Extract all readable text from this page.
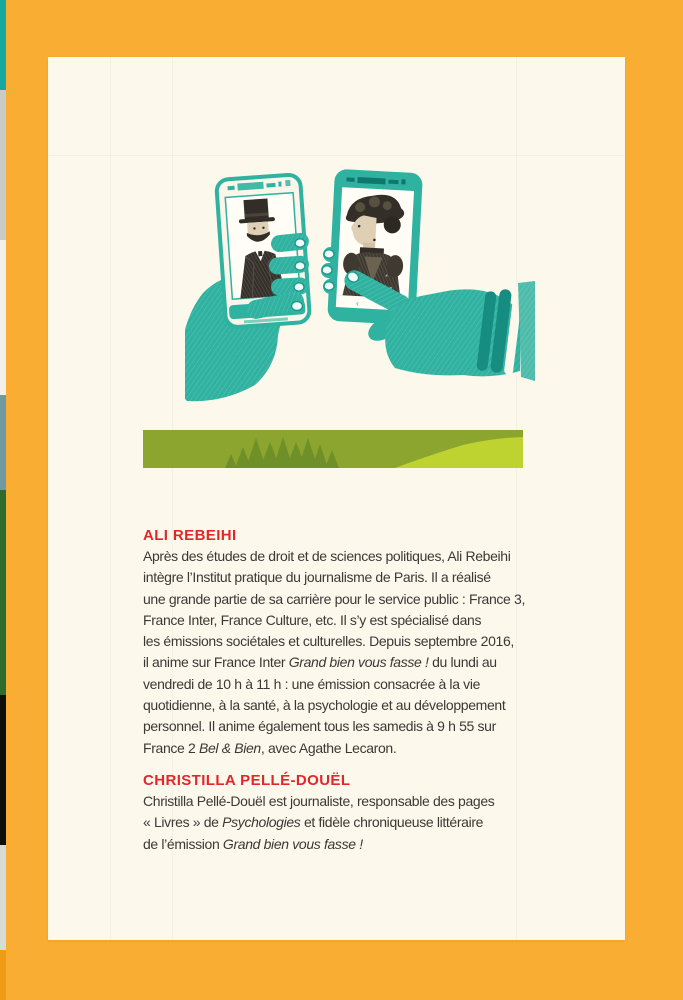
‹
ALI REBEIHI
Après des études de droit et de sciences politiques, Ali Rebeihi
intègre l’Institut pratique du journalisme de Paris. Il a réalisé
une grande partie de sa carrière pour le service public : France 3,
France Inter, France Culture, etc. Il s’y est spécialisé dans
les émissions sociétales et culturelles. Depuis septembre 2016,
il anime sur France Inter Grand bien vous fasse ! du lundi au
vendredi de 10 h à 11 h : une émission consacrée à la vie
quotidienne, à la santé, à la psychologie et au développement
personnel. Il anime également tous les samedis à 9 h 55 sur
France 2 Bel & Bien, avec Agathe Lecaron.
CHRISTILLA PELLÉ-DOUËL
Christilla Pellé-Douël est journaliste, responsable des pages
« Livres » de Psychologies et fidèle chroniqueuse littéraire
de l’émission Grand bien vous fasse !
